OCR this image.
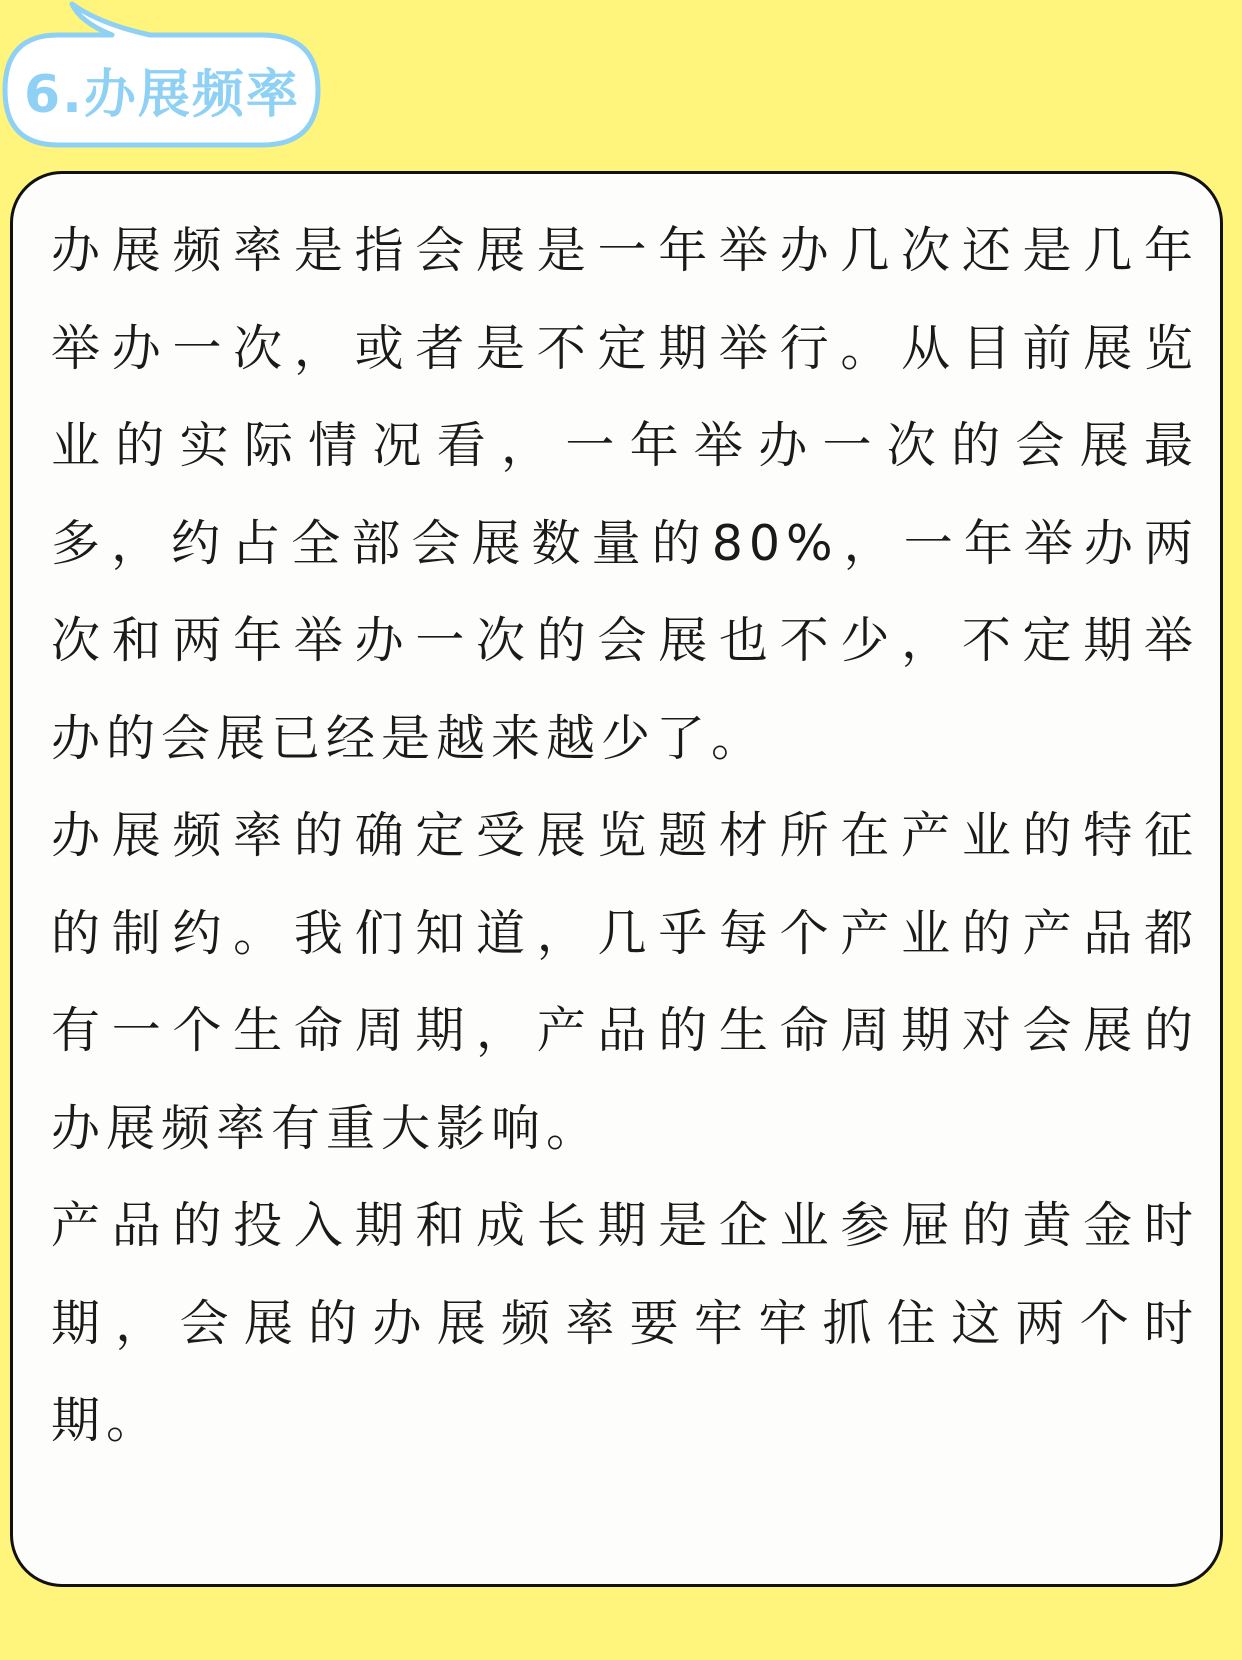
6.办展频率

办展频率是指会展是一年举办几次还是几年
举办一次，或者是不定期举行。从目前展览
业的实际情况看，一年举办一次的会展最
多，约占全部会展数量的80%，一年举办两
次和两年举办一次的会展也不少，不定期举
办的会展已经是越来越少了。

办展频率的确定受展览题材所在产业的特征
的制约。我们知道，几乎每个产业的产品都
有一个生命周期，产品的生命周期对会展的
办展频率有重大影响。

产品的投入期和成长期是企业参屉的黄金时
期，会展的办展频率要牢牢抓住这两个时
期。
